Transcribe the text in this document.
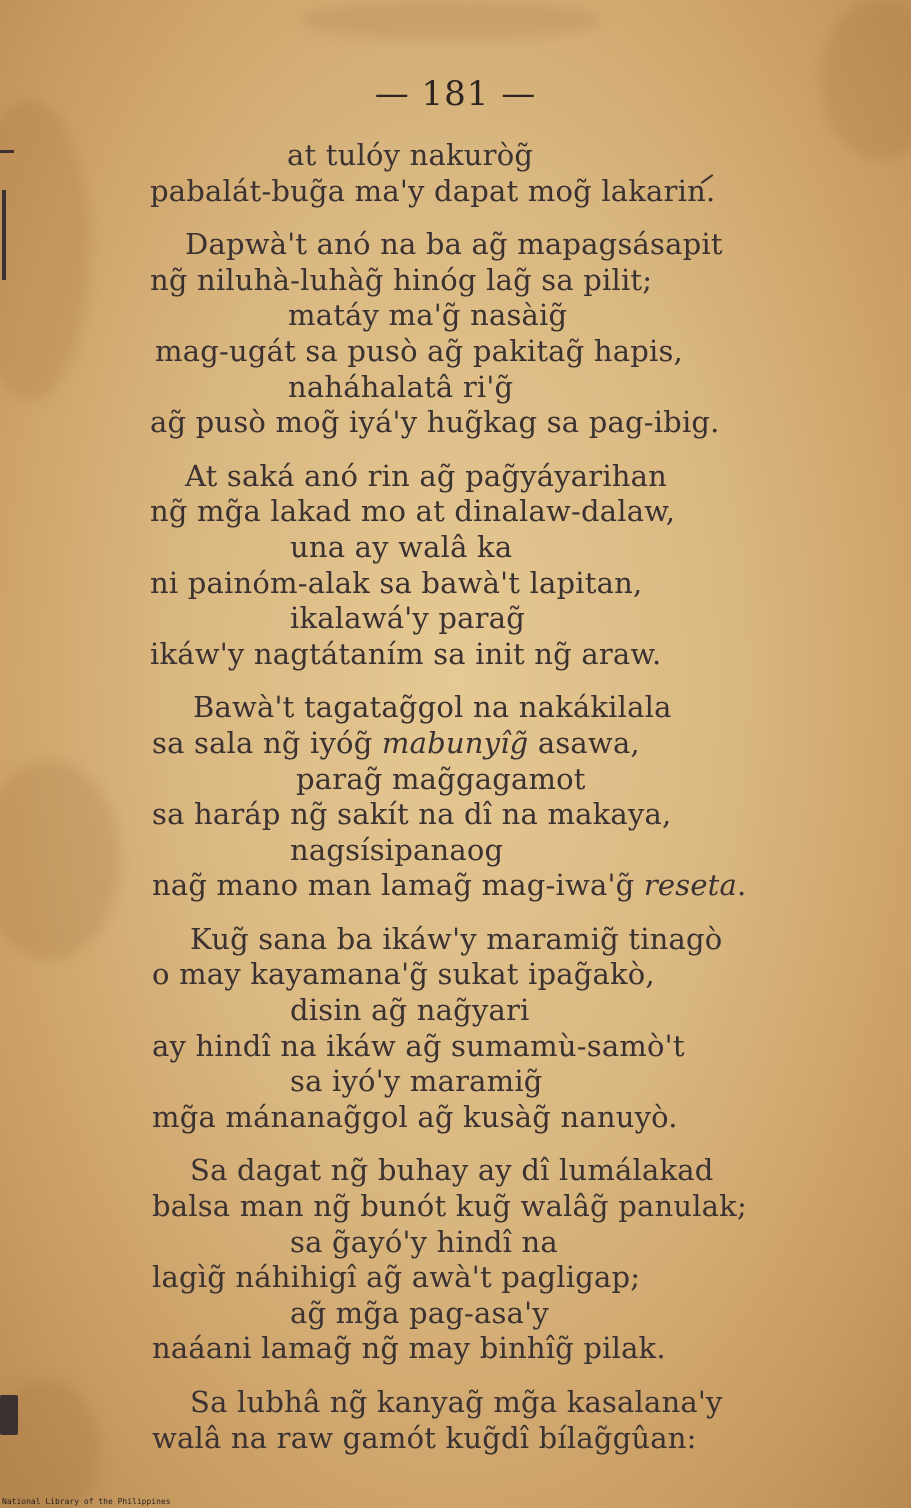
— 181 —
at tulóy nakuròg̃
pabalát-bug̃a ma'y dapat mog̃ lakarin.
Dapwà't anó na ba ag̃ mapagsásapit
ng̃ niluhà-luhàg̃ hinóg lag̃ sa pilit;
matáy ma'g̃ nasàig̃
mag-ugát sa pusò ag̃ pakitag̃ hapis,
naháhalatâ ri'g̃
ag̃ pusò mog̃ iyá'y hug̃kag sa pag-ibig.
At saká anó rin ag̃ pag̃yáyarihan
ng̃ mg̃a lakad mo at dinalaw-dalaw,
una ay walâ ka
ni painóm-alak sa bawà't lapitan,
ikalawá'y parag̃
ikáw'y nagtátaním sa init ng̃ araw.
Bawà't tagatag̃gol na nakákilala
sa sala ng̃ iyóg̃ mabunyîg̃ asawa,
parag̃ mag̃gagamot
sa haráp ng̃ sakít na dî na makaya,
nagsísipanaog
nag̃ mano man lamag̃ mag-iwa'g̃ reseta.
Kug̃ sana ba ikáw'y maramig̃ tinagò
o may kayamana'g̃ sukat ipag̃akò,
disin ag̃ nag̃yari
ay hindî na ikáw ag̃ sumamù-samò't
sa iyó'y maramig̃
mg̃a mánanag̃gol ag̃ kusàg̃ nanuyò.
Sa dagat ng̃ buhay ay dî lumálakad
balsa man ng̃ bunót kug̃ walâg̃ panulak;
sa g̃ayó'y hindî na
lagìg̃ náhihigî ag̃ awà't pagligap;
ag̃ mg̃a pag-asa'y
naáani lamag̃ ng̃ may binhîg̃ pilak.
Sa lubhâ ng̃ kanyag̃ mg̃a kasalana'y
walâ na raw gamót kug̃dî bílag̃gûan:
National Library of the Philippines
